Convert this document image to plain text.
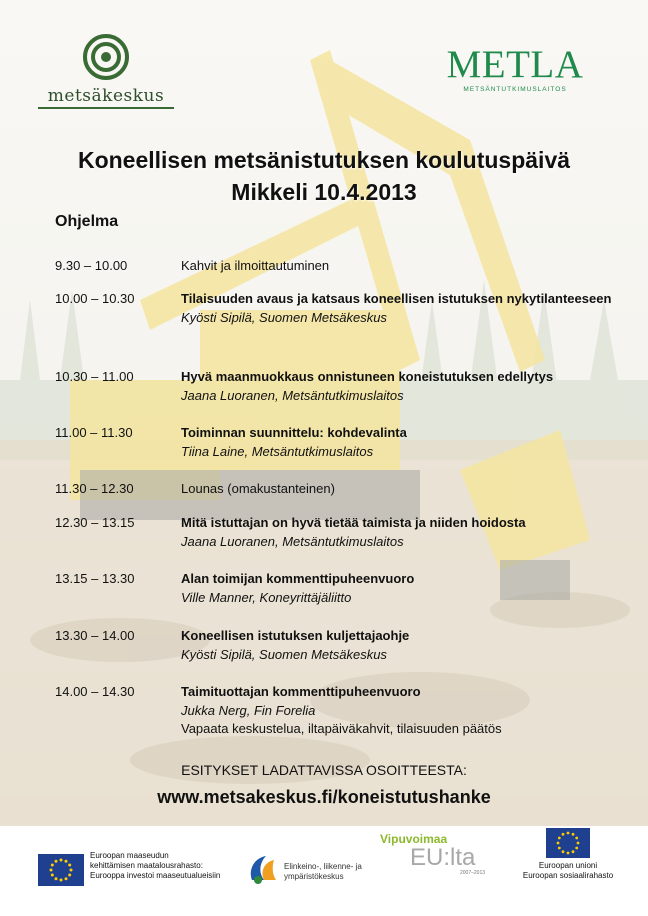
metsäkeskus
METLA
METSÄNTUTKIMUSLAITOS
Koneellisen metsänistutuksen koulutuspäivä
Mikkeli 10.4.2013
Ohjelma
9.30 – 10.00	Kahvit ja ilmoittautuminen
10.00 – 10.30	Tilaisuuden avaus ja katsaus koneellisen istutuksen nykytilanteeseen
Kyösti Sipilä, Suomen Metsäkeskus
10.30 – 11.00	Hyvä maanmuokkaus onnistuneen koneistutuksen edellytys
Jaana Luoranen, Metsäntutkimuslaitos
11.00 – 11.30	Toiminnan suunnittelu: kohdevalinta
Tiina Laine, Metsäntutkimuslaitos
11.30 – 12.30	Lounas (omakustanteinen)
12.30 – 13.15	Mitä istuttajan on hyvä tietää taimista ja niiden hoidosta
Jaana Luoranen, Metsäntutkimuslaitos
13.15 – 13.30	Alan toimijan kommenttipuheenvuoro
Ville Manner, Koneyrittäjäliitto
13.30 – 14.00	Koneellisen istutuksen kuljettajaohje
Kyösti Sipilä, Suomen Metsäkeskus
14.00 – 14.30	Taimituottajan kommenttipuheenvuoro
Jukka Nerg, Fin Forelia
Vapaata keskustelua, iltapäiväkahvit, tilaisuuden päätös
ESITYKSET LADATTAVISSA OSOITTEESTA:
www.metsakeskus.fi/koneistutushanke
Euroopan maaseudun
kehittämisen maatalousrahasto:
Eurooppa investoi maaseutualueisiin
Elinkeino-, liikenne- ja
ympäristökeskus
Vipuvoimaa
EU:lta
2007–2013
Euroopan unioni
Euroopan sosiaalirahasto
